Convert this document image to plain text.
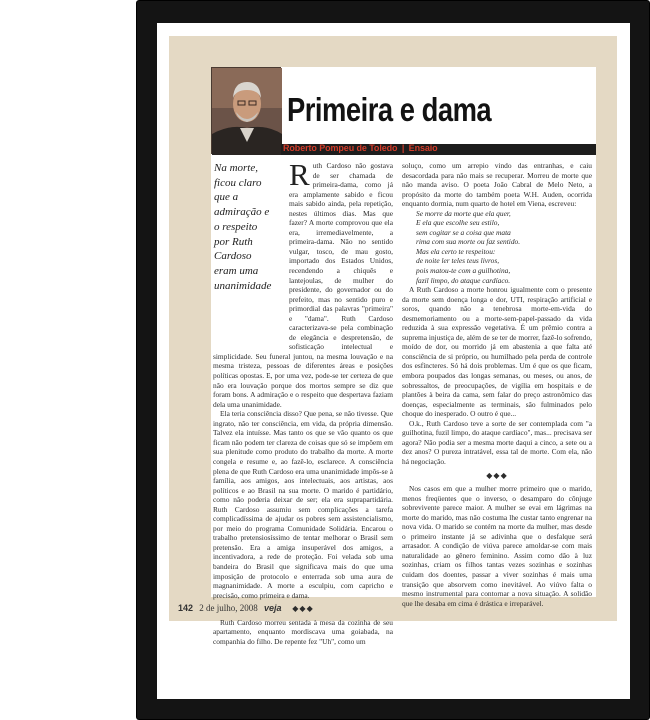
Primeira e dama
Roberto Pompeu de Toledo | Ensaio
Na morte, ficou claro que a admiração e o respeito por Ruth Cardoso eram uma unanimidade

Ruth Cardoso não gostava de ser chamada de primeira-dama, como já era amplamente sabido e ficou mais sabido ainda, pela repetição, nestes últimos dias. Mas que fazer? A morte comprovou que ela era, irremediavelmente, a primeira-dama. Não no sentido vulgar, tosco, de mau gosto, importado dos Estados Unidos, recendendo a chiquês e lantejoulas, de mulher do presidente, do governador ou do prefeito, mas no sentido puro e primordial das palavras "primeira" e "dama". Ruth Cardoso caracterizava-se pela combinação de elegância e despretensão, de sofisticação intelectual e simplicidade. Seu funeral juntou, na mesma louvação e na mesma tristeza, pessoas de diferentes áreas e posições políticas opostas. E, por uma vez, pode-se ter certeza de que não era louvação porque dos mortos sempre se diz que foram bons. A admiração e o respeito que despertava faziam dela uma unanimidade.

Ela teria consciência disso? Que pena, se não tivesse. Que ingrato, não ter consciência, em vida, da própria dimensão. Talvez ela intuísse. Mas tanto os que se vão quanto os que ficam não podem ter clareza de coisas que só se impõem em sua plenitude como produto do trabalho da morte. A morte congela e resume e, ao fazê-lo, esclarece. A consciência plena de que Ruth Cardoso era uma unanimidade impôs-se à família, aos amigos, aos intelectuais, aos artistas, aos políticos e ao Brasil na sua morte. O marido é partidário, como não poderia deixar de ser; ela era suprapartidária. Ruth Cardoso assumiu sem complicações a tarefa complicadíssima de ajudar os pobres sem assistencialismo, por meio do programa Comunidade Solidária. Encarou o trabalho pretensiosíssimo de tentar melhorar o Brasil sem pretensão. Era a amiga insuperável dos amigos, a incentivadora, a rede de proteção. Foi velada sob uma bandeira do Brasil que significava mais do que uma imposição de protocolo e enterrada sob uma aura de magnanimidade. A morte a esculpiu, com capricho e precisão, como primeira e dama.

◆◆◆

Ruth Cardoso morreu sentada à mesa da cozinha de seu apartamento, enquanto mordiscava uma goiabada, na companhia do filho. De repente fez "Uh", como um

soluço, como um arrepio vindo das entranhas, e caiu desacordada para não mais se recuperar. Morreu de morte que não manda aviso. O poeta João Cabral de Melo Neto, a propósito da morte do também poeta W.H. Auden, ocorrida enquanto dormia, num quarto de hotel em Viena, escreveu:

Se morre da morte que ela quer,
E ela que escolhe seu estilo,
sem cogitar se a coisa que mata
rima com sua morte ou faz sentido.
Mas ela certo te respeitou:
de noite ler teles teus livros,
pois matou-te com a guilhotina,
fazil limpo, do ataque cardíaco.

A Ruth Cardoso a morte honrou igualmente com o presente da morte sem doença longa e dor, UTI, respiração artificial e soros, quando não a tenebrosa morte-em-vida do desmemoriamento ou a morte-sem-papel-passado da vida reduzida à sua expressão vegetativa. É um prêmio contra a suprema injustiça de, além de se ter de morrer, fazê-lo sofrendo, moído de dor, ou morrido já em abastenia a que falta até consciência de si próprio, ou humilhado pela perda de controle dos esfíncteres. Só há dois problemas. Um é que os que ficam, embora poupados das longas semanas, ou meses, ou anos, de sobressaltos, de preocupações, de vigília em hospitais e de plantões à beira da cama, sem falar do preço astronômico das doenças, especialmente as terminais, são fulminados pelo choque do inesperado. O outro é que...

O.k., Ruth Cardoso teve a sorte de ser contemplada com "a guilhotina, fuzil limpo, do ataque cardíaco", mas... precisava ser agora? Não podia ser a mesma morte daqui a cinco, a sete ou a dez anos? O pureza intratável, essa tal de morte. Com ela, não há negociação.

◆◆◆

Nos casos em que a mulher morre primeiro que o marido, menos freqüentes que o inverso, o desamparo do cônjuge sobrevivente parece maior. A mulher se evai em lágrimas na morte do marido, mas não costuma lhe custar tanto engrenar na nova vida. O marido se contém na morte da mulher, mas desde o primeiro instante já se adivinha que o desfalque será arrasador. A condição de viúva parece amoldar-se com mais naturalidade ao gênero feminino. Assim como dão à luz sozinhas, criam os filhos tantas vezes sozinhas e sozinhas cuidam dos doentes, passar a viver sozinhas é mais uma transição que absorvem como inevitável. Ao viúvo falta o mesmo instrumental para contornar a nova situação. A solidão que lhe desaba em cima é drástica e irreparável.

142 2 de julho, 2008 veja
